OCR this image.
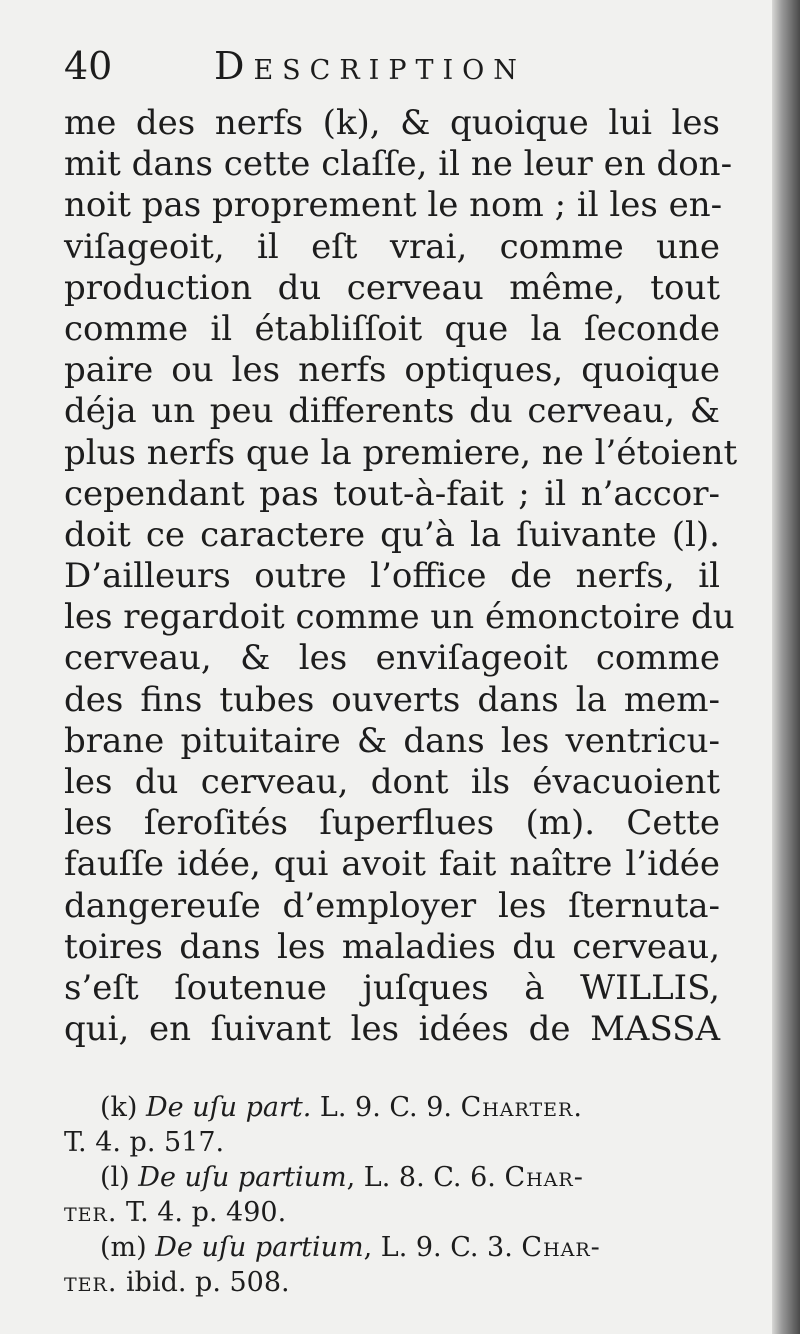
40	Description
me des nerfs (k), & quoique lui les
mit dans cette claſſe, il ne leur en don-
noit pas proprement le nom ; il les en-
viſageoit, il eſt vrai, comme une
production du cerveau même, tout
comme il établiſſoit que la ſeconde
paire ou les nerfs optiques, quoique
déja un peu differents du cerveau, &
plus nerfs que la premiere, ne l’étoient
cependant pas tout-à-fait ; il n’accor-
doit ce caractere qu’à la ſuivante (l).
D’ailleurs outre l’office de nerfs, il
les regardoit comme un émonctoire du
cerveau, & les enviſageoit comme
des fins tubes ouverts dans la mem-
brane pituitaire & dans les ventricu-
les du cerveau, dont ils évacuoient
les ſeroſités ſuperflues (m). Cette
fauſſe idée, qui avoit fait naître l’idée
dangereuſe d’employer les ſternuta-
toires dans les maladies du cerveau,
s’eſt ſoutenue juſques à WILLIS,
qui, en ſuivant les idées de MASSA
(k) De uſu part. L. 9. C. 9. Charter.
T. 4. p. 517.
(l) De uſu partium, L. 8. C. 6. Char-
ter. T. 4. p. 490.
(m) De uſu partium, L. 9. C. 3. Char-
ter. ibid. p. 508.
